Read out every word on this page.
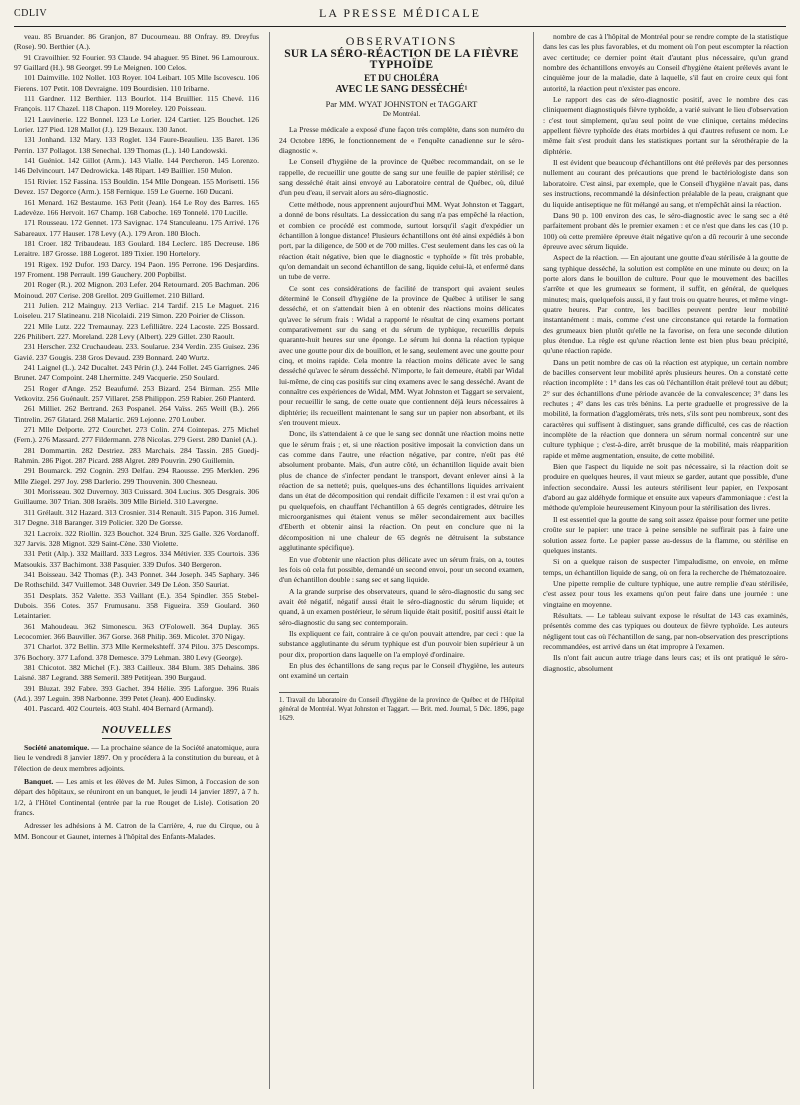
CDLIV	LA PRESSE MÉDICALE

veau. 85 Bruander. 86 Granjon, 87 Ducourneau. 88 Onfray. 89. Dreyfus (Rose). 90. Berthier (A.).

91 Cravoilhier. 92 Fourier. 93 Claude. 94 ahaguer. 95 Binet. 96 Lamouroux. 97 Gaillard (H.). 98 Georget. 99 Le Meignen. 100 Celos.

101 Daimville. 102 Nollet. 103 Royer. 104 Leibart. 105 Mlle Iscovescu. 106 Fierens. 107 Petit. 108 Devraigne. 109 Bourdisien. 110 Iribarne.

111 Gardner. 112 Berthier. 113 Bourlot. 114 Bruillier. 115 Chevé. 116 François. 117 Chazel. 118 Chapon. 119 Moreley. 120 Poisseau.

121 Lauvinerie. 122 Bonnel. 123 Le Lorier. 124 Cartier. 125 Bouchet. 126 Lorier. 127 Pied. 128 Mallot (J.). 129 Bezaux. 130 Janot.

131 Jonhand. 132 Mary. 133 Roglet. 134 Faure-Beaulieu. 135 Baret. 136 Perrin. 137 Pollagot. 138 Senechal. 139 Thomas (L.). 140 Landowski.

141 Guéniot. 142 Gillot (Arm.). 143 Vialle. 144 Percheron. 145 Lorenzo. 146 Delvincourt. 147 Dedrowicka. 148 Ripart. 149 Baillier. 150 Mulon.

151 Rivier. 152 Fassina. 153 Bouldin. 154 Mlle Dongean. 155 Morisetti. 156 Devez. 157 Degorce (Arm.). 158 Fernique. 159 Le Guerne. 160 Ducani.

161 Menard. 162 Bestaume. 163 Petit (Jean). 164 Le Roy des Barres. 165 Ladevèze. 166 Hervoit. 167 Champ. 168 Caboche. 169 Tonnelé. 170 Lucille.

171 Rousseau. 172 Gennet. 173 Savignac. 174 Stanculeanu. 175 Arrivé. 176 Sabareaux. 177 Hauser. 178 Levy (A.). 179 Aron. 180 Bloch.

181 Croer. 182 Tribaudeau. 183 Goulard. 184 Leclerc. 185 Decreuse. 186 Leraitre. 187 Grosse. 188 Logerot. 189 Tixier. 190 Hortelory.

191 Rigex. 192 Dufor. 193 Darcy. 194 Paon. 195 Perrone. 196 Desjardins. 197 Froment. 198 Perrault. 199 Gauchery. 200 Popbillst.

201 Roger (R.). 202 Mignon. 203 Lefer. 204 Retournard. 205 Bachman. 206 Moinoud. 207 Cerise. 208 Grellot. 209 Guillemet. 210 Billard.

211 Julien. 212 Mainguy. 213 Verliac. 214 Tardif. 215 Le Maguet. 216 Loiseleu. 217 Slatineanu. 218 Nicolaidi. 219 Simon. 220 Poirier de Clisson.

221 Mlle Lutz. 222 Tremaunay. 223 Lefilliâtre. 224 Lacoste. 225 Bossard. 226 Philibert. 227. Moreland. 228 Levy (Albert). 229 Gillet. 230 Raoult.

231 Herscher. 232 Cruchaudeau. 233. Soularue. 234 Verdin. 235 Guisez. 236 Gavié. 237 Gougis. 238 Gros Devaud. 239 Bonnard. 240 Wurtz.

241 Laignel (L.). 242 Ducaltet. 243 Périn (J.). 244 Follet. 245 Garrignes. 246 Brunet. 247 Compoint. 248 Lhermitte. 249 Vacquerie. 250 Soulard.

251 Roger d'Ange. 252 Beaufumé. 253 Bizard. 254 Birman. 255 Mlle Vetkovitz. 256 Guénault. 257 Villaret. 258 Philippon. 259 Rabier. 260 Planterd.

261 Milliet. 262 Bertrand. 263 Pospanel. 264 Vaïss. 265 Weill (B.). 266 Tintrelin. 267 Glatard. 268 Malartic. 269 Lejonne. 270 Louber.

271 Mlle Delporte. 272 Courchet. 273 Colin. 274 Cointepas. 275 Michel (Fern.). 276 Massard. 277 Fildermann. 278 Nicolas. 279 Gerst. 280 Daniel (A.).

281 Dommartin. 282 Destriez. 283 Marchais. 284 Tassin. 285 Guedj-Rahmin. 286 Pigot. 287 Picard. 288 Algret. 289 Pouvrin. 290 Guillemin.

291 Boumarck. 292 Cognin. 293 Delfau. 294 Raousse. 295 Merklen. 296 Mlle Ziegel. 297 Joy. 298 Darlerio. 299 Thouvenin. 300 Chesneau.

301 Morisseau. 302 Duvernoy. 303 Cuissard. 304 Lucius. 305 Desgrais. 306 Guillaume. 307 Trian. 308 Israëls. 309 Mlle Birield. 310 Lavergne.

311 Grélault. 312 Hazard. 313 Crosnier. 314 Renault. 315 Papon. 316 Jumel. 317 Degne. 318 Baranger. 319 Policier. 320 De Gorsse.

321 Lacroix. 322 Riollin. 323 Bouchot. 324 Brun. 325 Galle. 326 Vordanoff. 327 Jarvis. 328 Mignot. 329 Saint-Cène. 330 Violette.

331 Petit (Alp.). 332 Maillard. 333 Legros. 334 Métivier. 335 Courtois. 336 Matsoukis. 337 Bachimont. 338 Pasquier. 339 Dufos. 340 Bergeron.

341 Boisseau. 342 Thomas (P.). 343 Ponnet. 344 Joseph. 345 Saphary. 346 De Rothschild. 347 Vuillemot. 348 Ouvrier. 349 De Léon. 350 Sauriat.

351 Desplats. 352 Valette. 353 Vaillant (E.). 354 Spindler. 355 Stebel-Dubois. 356 Cotes. 357 Frumusanu. 358 Figueira. 359 Goulard. 360 Letaintarier.

361 Mahoudeau. 362 Simonescu. 363 O'Folowell. 364 Duplay. 365 Lecocomier. 366 Bauviller. 367 Gorse. 368 Philip. 369. Micolet. 370 Nigay.

371 Charlot. 372 Bellin. 373 Mlle Kermekshteff. 374 Pilou. 375 Descomps. 376 Bochory. 377 Lafond. 378 Demesce. 379 Lehman. 380 Levy (George).

381 Chicotot. 382 Michel (F.). 383 Cailleux. 384 Blum. 385 Dehains. 386 Laisné. 387 Legrand. 388 Semeril. 389 Petitjean. 390 Burgaud.

391 Bluzat. 392 Fabre. 393 Gachet. 394 Hélie. 395 Laforgue. 396 Ruais (Ad.). 397 Leguin. 398 Narbonne. 399 Petet (Jean). 400 Eudinsky.

401. Pascard. 402 Courteis. 403 Stahl. 404 Bernard (Armand).

NOUVELLES

Société anatomique. — La prochaine séance de la Société anatomique, aura lieu le vendredi 8 janvier 1897. On y procédera à la constitution du bureau, et à l'élection de deux membres adjoints.

Banquet. — Les amis et les élèves de M. Jules Simon, à l'occasion de son départ des hôpitaux, se réuniront en un banquet, le jeudi 14 janvier 1897, à 7 h. 1/2, à l'Hôtel Continental (entrée par la rue Rouget de Lisle). Cotisation 20 francs.

Adresser les adhésions à M. Catron de la Carrière, 4, rue du Cirque, ou à MM. Boncour et Gaunet, internes à l'hôpital des Enfants-Malades.

OBSERVATIONS
SUR LA SÉRO-RÉACTION DE LA FIÈVRE TYPHOÏDE
ET DU CHOLÉRA
AVEC LE SANG DESSÉCHÉ¹
Par MM. WYAT JOHNSTON et TAGGART
De Montréal.

La Presse médicale a exposé d'une façon très complète, dans son numéro du 24 Octobre 1896, le fonctionnement de « l'enquête canadienne sur le séro-diagnostic ».

Le Conseil d'hygiène de la province de Québec recommandait, on se le rappelle, de recueillir une goutte de sang sur une feuille de papier stérilisé; ce sang desséché était ainsi envoyé au Laboratoire central de Québec, où, dilué d'un peu d'eau, il servait alors au séro-diagnostic.

Cette méthode, nous apprennent aujourd'hui MM. Wyat Johnston et Taggart, a donné de bons résultats. La dessiccation du sang n'a pas empêché la réaction, et combien ce procédé est commode, surtout lorsqu'il s'agit d'expédier un échantillon à longue distance! Plusieurs échantillons ont été ainsi expédiés à bon port, par la diligence, de 500 et de 700 milles. C'est seulement dans les cas où la réaction était négative, bien que le diagnostic « typhoïde » fût très probable, qu'on demandait un second échantillon de sang, liquide celui-là, et enfermé dans un tube de verre.

Ce sont ces considérations de facilité de transport qui avaient seules déterminé le Conseil d'hygiène de la province de Québec à utiliser le sang desséché, et on s'attendait bien à en obtenir des réactions moins délicates qu'avec le sérum frais : Widal a rapporté le résultat de cinq examens portant comparativement sur du sang et du sérum de typhique, recueillis depuis quarante-huit heures sur une éponge. Le sérum lui donna la réaction typique avec une goutte pour dix de bouillon, et le sang, seulement avec une goutte pour cinq, et moins rapide. Cela montre la réaction moins délicate avec le sang desséché qu'avec le sérum desséché. N'importe, le fait demeure, établi par Widal lui-même, de cinq cas positifs sur cinq examens avec le sang desséché. Avant de connaître ces expériences de Widal, MM. Wyat Johnston et Taggart se servaient, pour recueillir le sang, de cette ouate que contiennent déjà leurs nécessaires à diphtérie; ils recueillent maintenant le sang sur un papier non absorbant, et ils s'en trouvent mieux.

Donc, ils s'attendaient à ce que le sang sec donnât une réaction moins nette que le sérum frais ; et, si une réaction positive imposait la conviction dans un cas comme dans l'autre, une réaction négative, par contre, n'eût pas été absolument probante. Mais, d'un autre côté, un échantillon liquide avait bien plus de chance de s'infecter pendant le transport, devant enlever ainsi à la réaction de sa netteté; puis, quelques-uns des échantillons liquides arrivaient dans un état de décomposition qui rendait difficile l'examen : il est vrai qu'on a pu quelquefois, en chauffant l'échantillon à 65 degrés centigrades, détruire les microorganismes qui étaient venus se mêler secondairement aux bacilles d'Eberth et obtenir ainsi la réaction. On peut en conclure que ni la décomposition ni une chaleur de 65 degrés ne détruisent la substance agglutinante spécifique).

En vue d'obtenir une réaction plus délicate avec un sérum frais, on a, toutes les fois où cela fut possible, demandé un second envoi, pour un second examen, d'un échantillon double : sang sec et sang liquide.

A la grande surprise des observateurs, quand le séro-diagnostic du sang sec avait été négatif, négatif aussi était le séro-diagnostic du sérum liquide; et quand, à un examen postérieur, le sérum liquide était positif, positif aussi était le séro-diagnostic du sang sec contemporain.

Ils expliquent ce fait, contraire à ce qu'on pouvait attendre, par ceci : que la substance agglutinante du sérum typhique est d'un pouvoir bien supérieur à un pour dix, proportion dans laquelle on l'a employé d'ordinaire.

En plus des échantillons de sang reçus par le Conseil d'hygiène, les auteurs ont examiné un certain

1. Travail du laboratoire du Conseil d'hygiène de la province de Québec et de l'Hôpital général de Montréal. Wyat Johnston et Taggart. — Brit. med. Journal, 5 Déc. 1896, page 1629.

nombre de cas à l'hôpital de Montréal pour se rendre compte de la statistique dans les cas les plus favorables, et du moment où l'on peut escompter la réaction avec certitude; ce dernier point était d'autant plus nécessaire, qu'un grand nombre des échantillons envoyés au Conseil d'hygiène étaient prélevés avant le cinquième jour de la maladie, date à laquelle, s'il faut en croire ceux qui font autorité, la réaction peut n'exister pas encore.

Le rapport des cas de séro-diagnostic positif, avec le nombre des cas cliniquement diagnostiqués fièvre typhoïde, a varié suivant le lieu d'observation : c'est tout simplement, qu'au seul point de vue clinique, certains médecins appellent fièvre typhoïde des états morbides à qui d'autres refusent ce nom. Le même fait s'est produit dans les statistiques portant sur la sérothérapie de la diphtérie.

Il est évident que beaucoup d'échantillons ont été prélevés par des personnes nullement au courant des précautions que prend le bactériologiste dans son laboratoire. C'est ainsi, par exemple, que le Conseil d'hygiène n'avait pas, dans ses instructions, recommandé la désinfection préalable de la peau, craignant que du liquide antiseptique ne fût mélangé au sang, et n'empêchât ainsi la réaction.

Dans 90 p. 100 environ des cas, le séro-diagnostic avec le sang sec a été parfaitement probant dès le premier examen : et ce n'est que dans les cas (10 p. 100) où cette première épreuve était négative qu'on a dû recourir à une seconde épreuve avec sérum liquide.

Aspect de la réaction. — En ajoutant une goutte d'eau stérilisée à la goutte de sang typhique desséché, la solution est complète en une minute ou deux; on la porte alors dans le bouillon de culture. Pour que le mouvement des bacilles s'arrête et que les grumeaux se forment, il suffit, en général, de quelques minutes; mais, quelquefois aussi, il y faut trois ou quatre heures, et même vingt-quatre heures. Par contre, les bacilles peuvent perdre leur mobilité instantanément : mais, comme c'est une circonstance qui retarde la formation des grumeaux bien plutôt qu'elle ne la favorise, on fera une seconde dilution plus étendue. La règle est qu'une réaction lente est bien plus beau précipité, qu'une réaction rapide.

Dans un petit nombre de cas où la réaction est atypique, un certain nombre de bacilles conservent leur mobilité après plusieurs heures. On a constaté cette réaction incomplète : 1° dans les cas où l'échantillon était prélevé tout au début; 2° sur des échantillons d'une période avancée de la convalescence; 3° dans les rechutes ; 4° dans les cas très bénins. La perte graduelle et progressive de la mobilité, la formation d'agglomérats, très nets, s'ils sont peu nombreux, sont des caractères qui suffisent à distinguer, sans grande difficulté, ces cas de réaction incomplète de la réaction que donnera un sérum normal concentré sur une culture typhique ; c'est-à-dire, arrêt brusque de la mobilité, mais réapparition rapide et même augmentation, ensuite, de cette mobilité.

Bien que l'aspect du liquide ne soit pas nécessaire, si la réaction doit se produire en quelques heures, il vaut mieux se garder, autant que possible, d'une infection secondaire. Aussi les auteurs stérilisent leur papier, en l'exposant d'abord au gaz aldéhyde formique et ensuite aux vapeurs d'ammoniaque : c'est la méthode qu'emploie heureusement Kinyoun pour la stérilisation des livres.

Il est essentiel que la goutte de sang soit assez épaisse pour former une petite croûte sur le papier: une trace à peine sensible ne suffirait pas à faire une solution assez forte. Le papier passe au-dessus de la flamme, ou stérilise en quelques instants.

Si on a quelque raison de suspecter l'impaludisme, on envoie, en même temps, un échantillon liquide de sang, où on fera la recherche de l'hématozoaire.

Une pipette remplie de culture typhique, une autre remplie d'eau stérilisée, c'est assez pour tous les examens qu'on peut faire dans une journée : une vingtaine en moyenne.

Résultats. — Le tableau suivant expose le résultat de 143 cas examinés, présentés comme des cas typiques ou douteux de fièvre typhoïde. Les auteurs négligent tout cas où l'échantillon de sang, par non-observation des prescriptions recommandées, est arrivé dans un état impropre à l'examen.

Ils n'ont fait aucun autre triage dans leurs cas; et ils ont pratiqué le séro-diagnostic, absolument
